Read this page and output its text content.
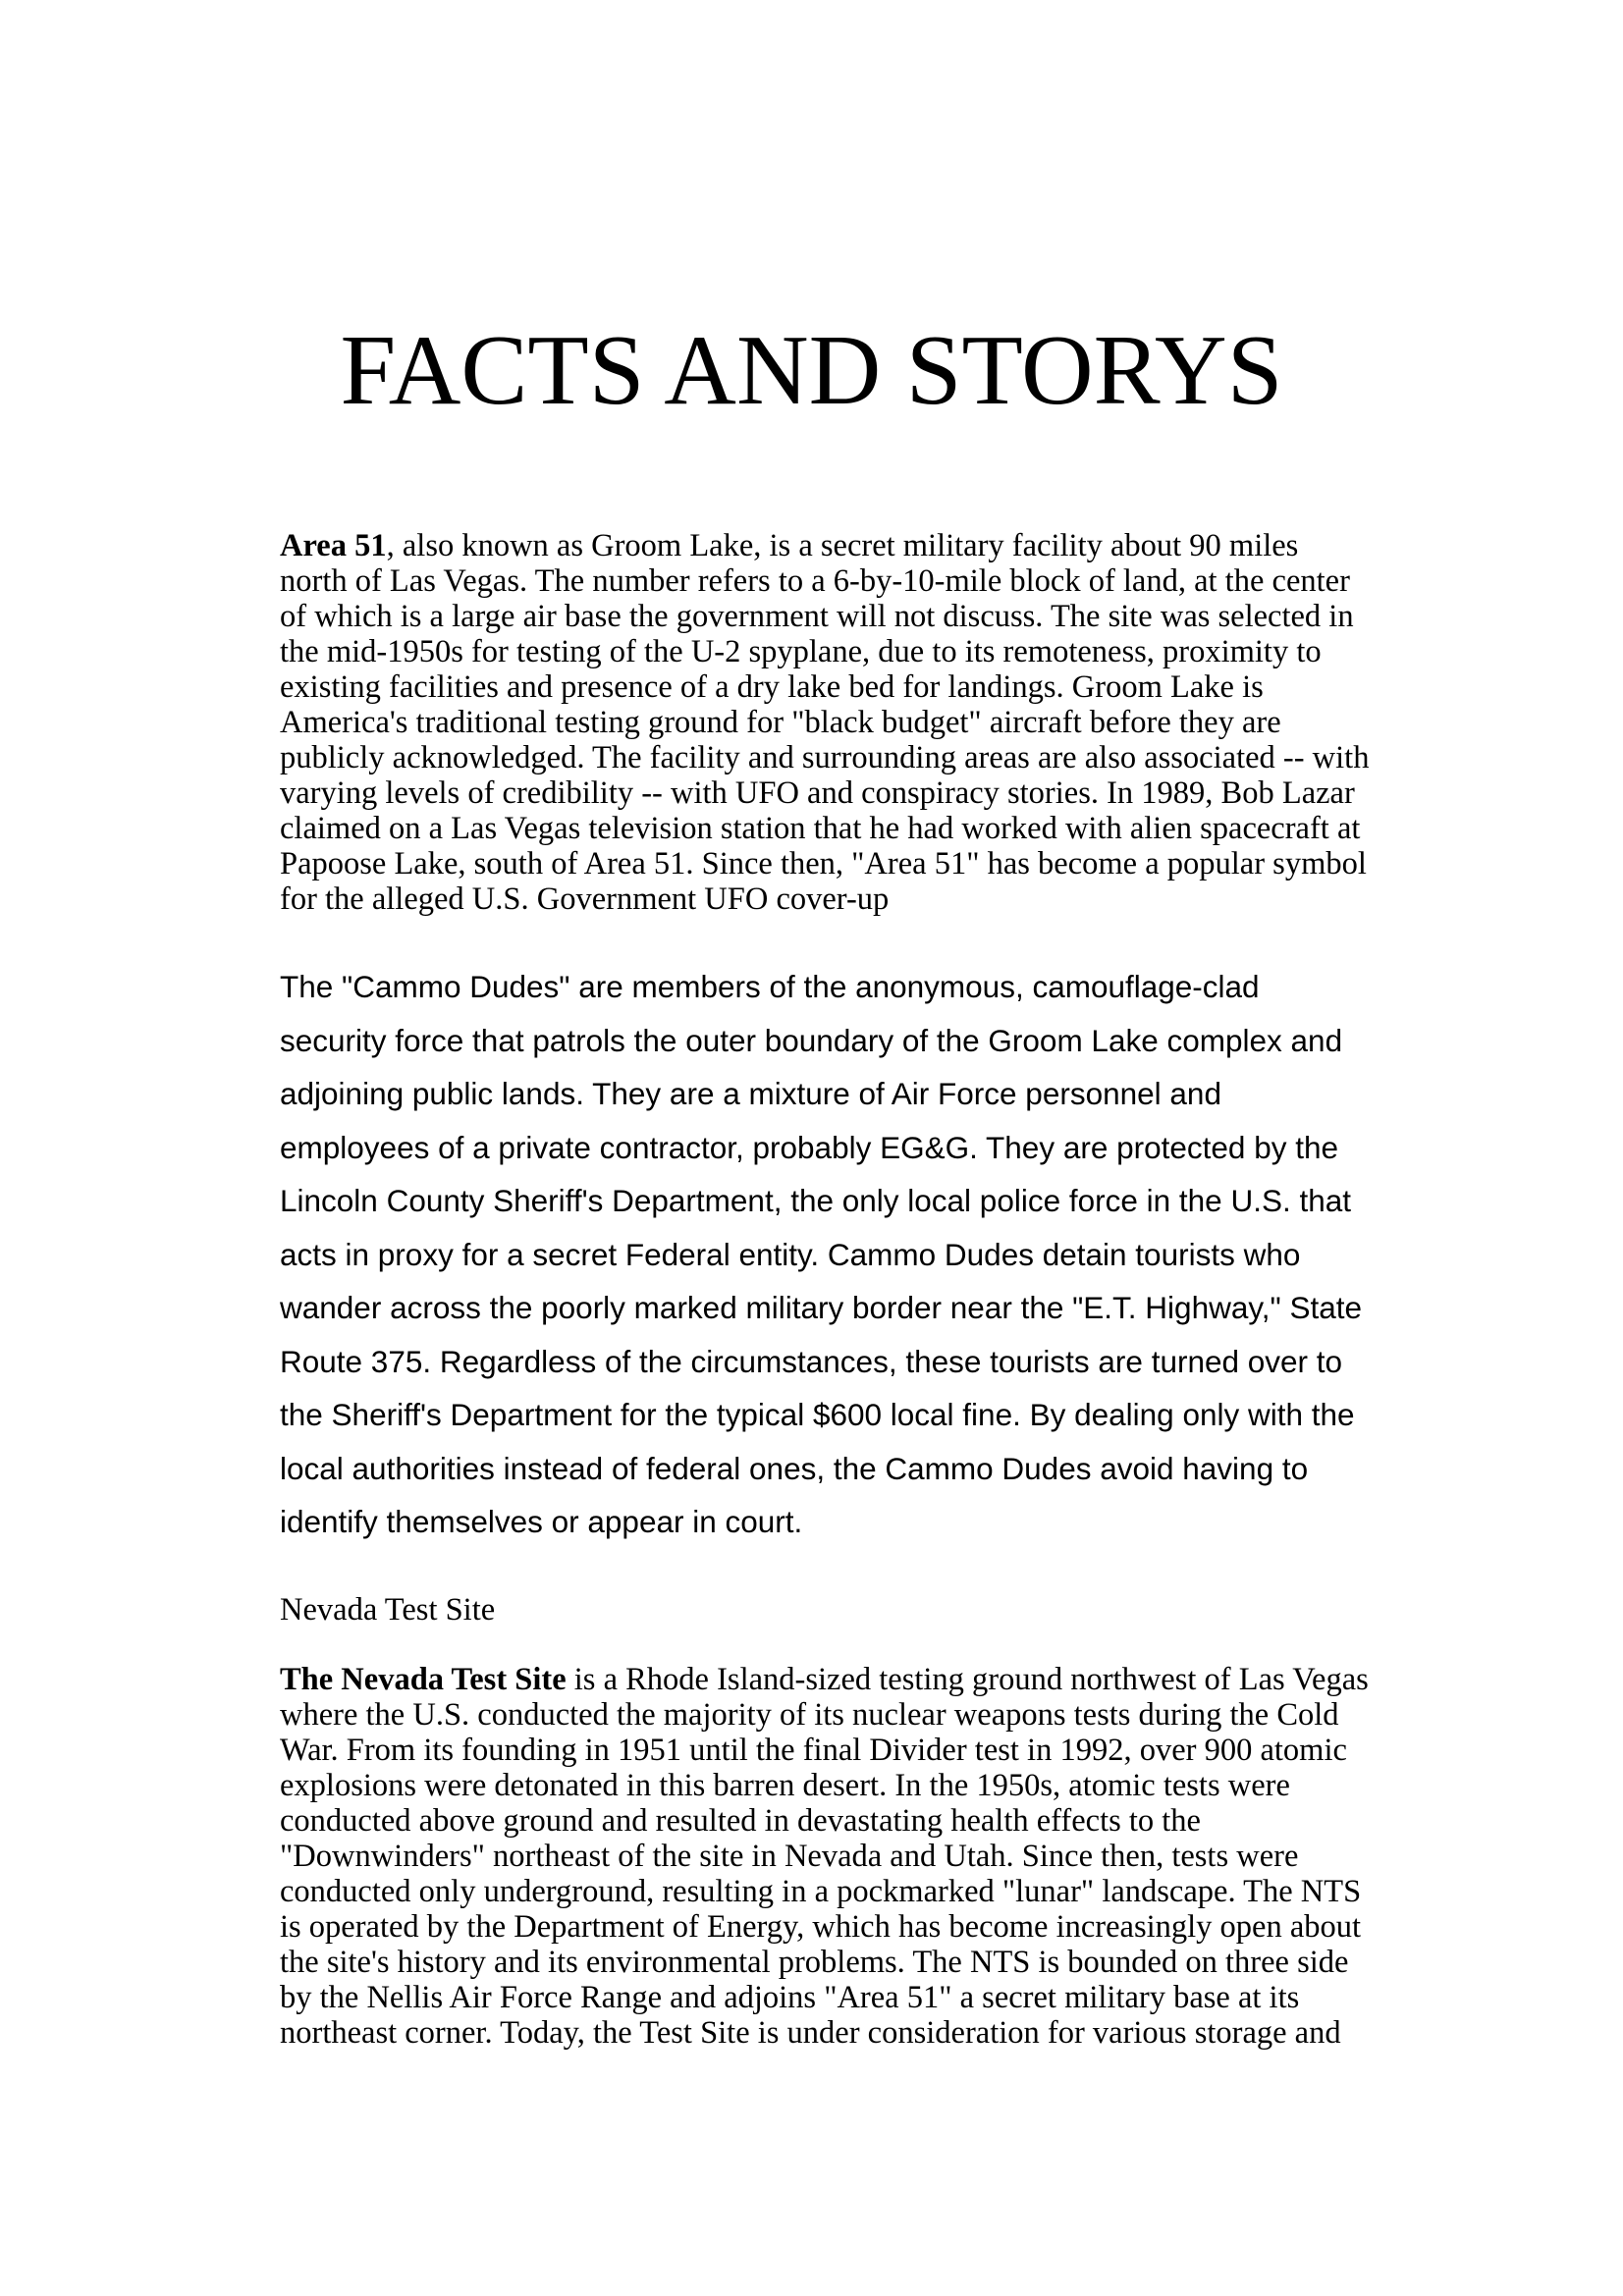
FACTS AND STORYS

Area 51, also known as Groom Lake, is a secret military facility about 90 miles north of Las Vegas. The number refers to a 6-by-10-mile block of land, at the center of which is a large air base the government will not discuss. The site was selected in the mid-1950s for testing of the U-2 spyplane, due to its remoteness, proximity to existing facilities and presence of a dry lake bed for landings. Groom Lake is America's traditional testing ground for "black budget" aircraft before they are publicly acknowledged. The facility and surrounding areas are also associated -- with varying levels of credibility -- with UFO and conspiracy stories. In 1989, Bob Lazar claimed on a Las Vegas television station that he had worked with alien spacecraft at Papoose Lake, south of Area 51. Since then, "Area 51" has become a popular symbol for the alleged U.S. Government UFO cover-up

The "Cammo Dudes" are members of the anonymous, camouflage-clad security force that patrols the outer boundary of the Groom Lake complex and adjoining public lands. They are a mixture of Air Force personnel and employees of a private contractor, probably EG&G. They are protected by the Lincoln County Sheriff's Department, the only local police force in the U.S. that acts in proxy for a secret Federal entity. Cammo Dudes detain tourists who wander across the poorly marked military border near the "E.T. Highway," State Route 375. Regardless of the circumstances, these tourists are turned over to the Sheriff's Department for the typical $600 local fine. By dealing only with the local authorities instead of federal ones, the Cammo Dudes avoid having to identify themselves or appear in court.

Nevada Test Site

The Nevada Test Site is a Rhode Island-sized testing ground northwest of Las Vegas where the U.S. conducted the majority of its nuclear weapons tests during the Cold War. From its founding in 1951 until the final Divider test in 1992, over 900 atomic explosions were detonated in this barren desert. In the 1950s, atomic tests were conducted above ground and resulted in devastating health effects to the "Downwinders" northeast of the site in Nevada and Utah. Since then, tests were conducted only underground, resulting in a pockmarked "lunar" landscape. The NTS is operated by the Department of Energy, which has become increasingly open about the site's history and its environmental problems. The NTS is bounded on three side by the Nellis Air Force Range and adjoins "Area 51" a secret military base at its northeast corner. Today, the Test Site is under consideration for various storage and
